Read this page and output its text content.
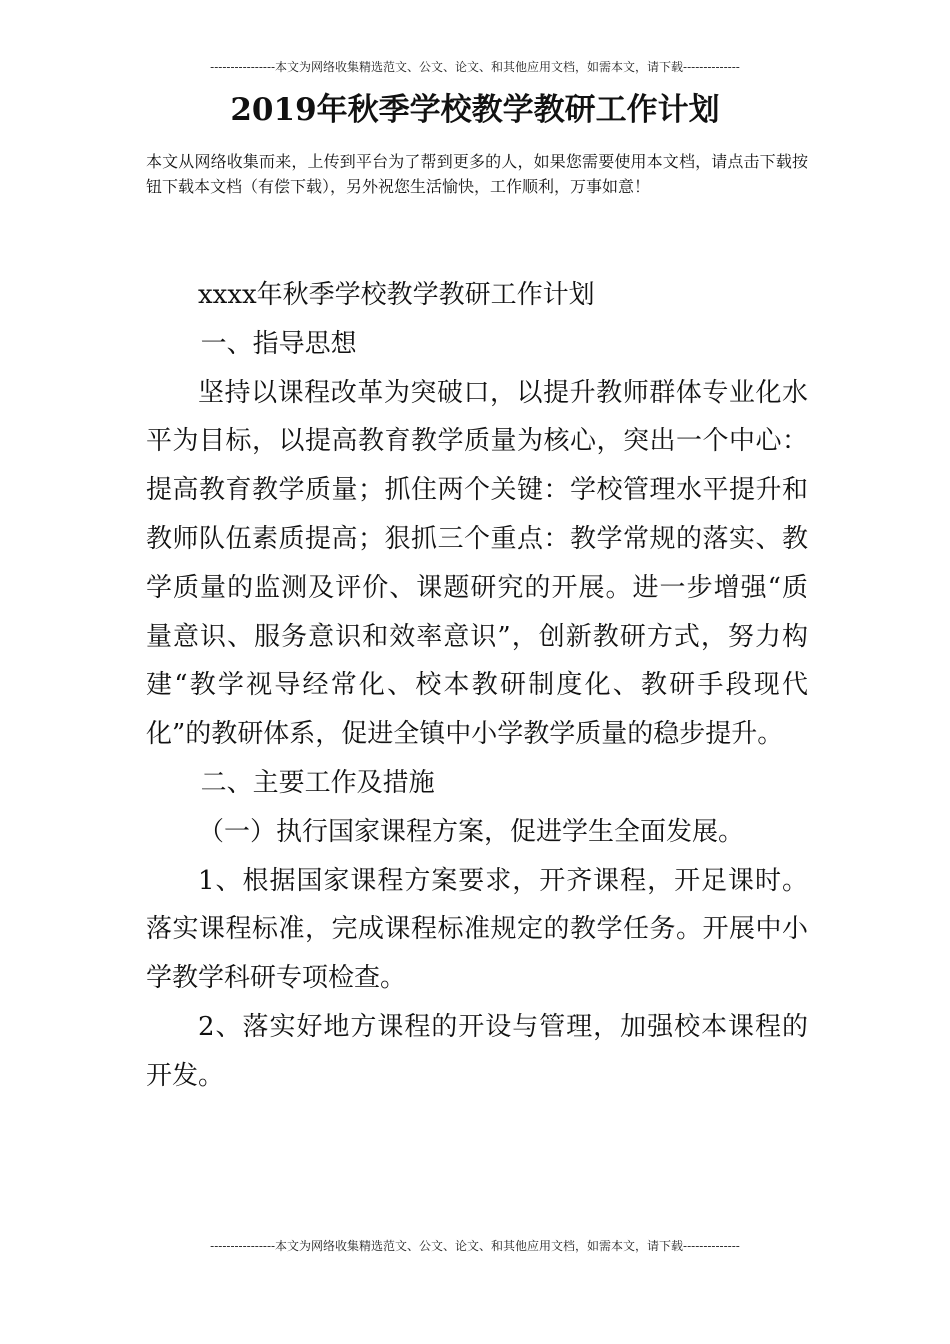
----------------本文为网络收集精选范文、公文、论文、和其他应用文档，如需本文，请下载--------------
2019年秋季学校教学教研工作计划

本文从网络收集而来，上传到平台为了帮到更多的人，如果您需要使用本文档，请点击下载按钮下载本文档（有偿下载），另外祝您生活愉快，工作顺利，万事如意！

xxxx年秋季学校教学教研工作计划

一、指导思想

坚持以课程改革为突破口，以提升教师群体专业化水平为目标，以提高教育教学质量为核心，突出一个中心：提高教育教学质量；抓住两个关键：学校管理水平提升和教师队伍素质提高；狠抓三个重点：教学常规的落实、教学质量的监测及评价、课题研究的开展。进一步增强“质量意识、服务意识和效率意识”，创新教研方式，努力构建“教学视导经常化、校本教研制度化、教研手段现代化”的教研体系，促进全镇中小学教学质量的稳步提升。

二、主要工作及措施

（一）执行国家课程方案，促进学生全面发展。

1、根据国家课程方案要求，开齐课程，开足课时。落实课程标准，完成课程标准规定的教学任务。开展中小学教学科研专项检查。

2、落实好地方课程的开设与管理，加强校本课程的开发。

----------------本文为网络收集精选范文、公文、论文、和其他应用文档，如需本文，请下载--------------
